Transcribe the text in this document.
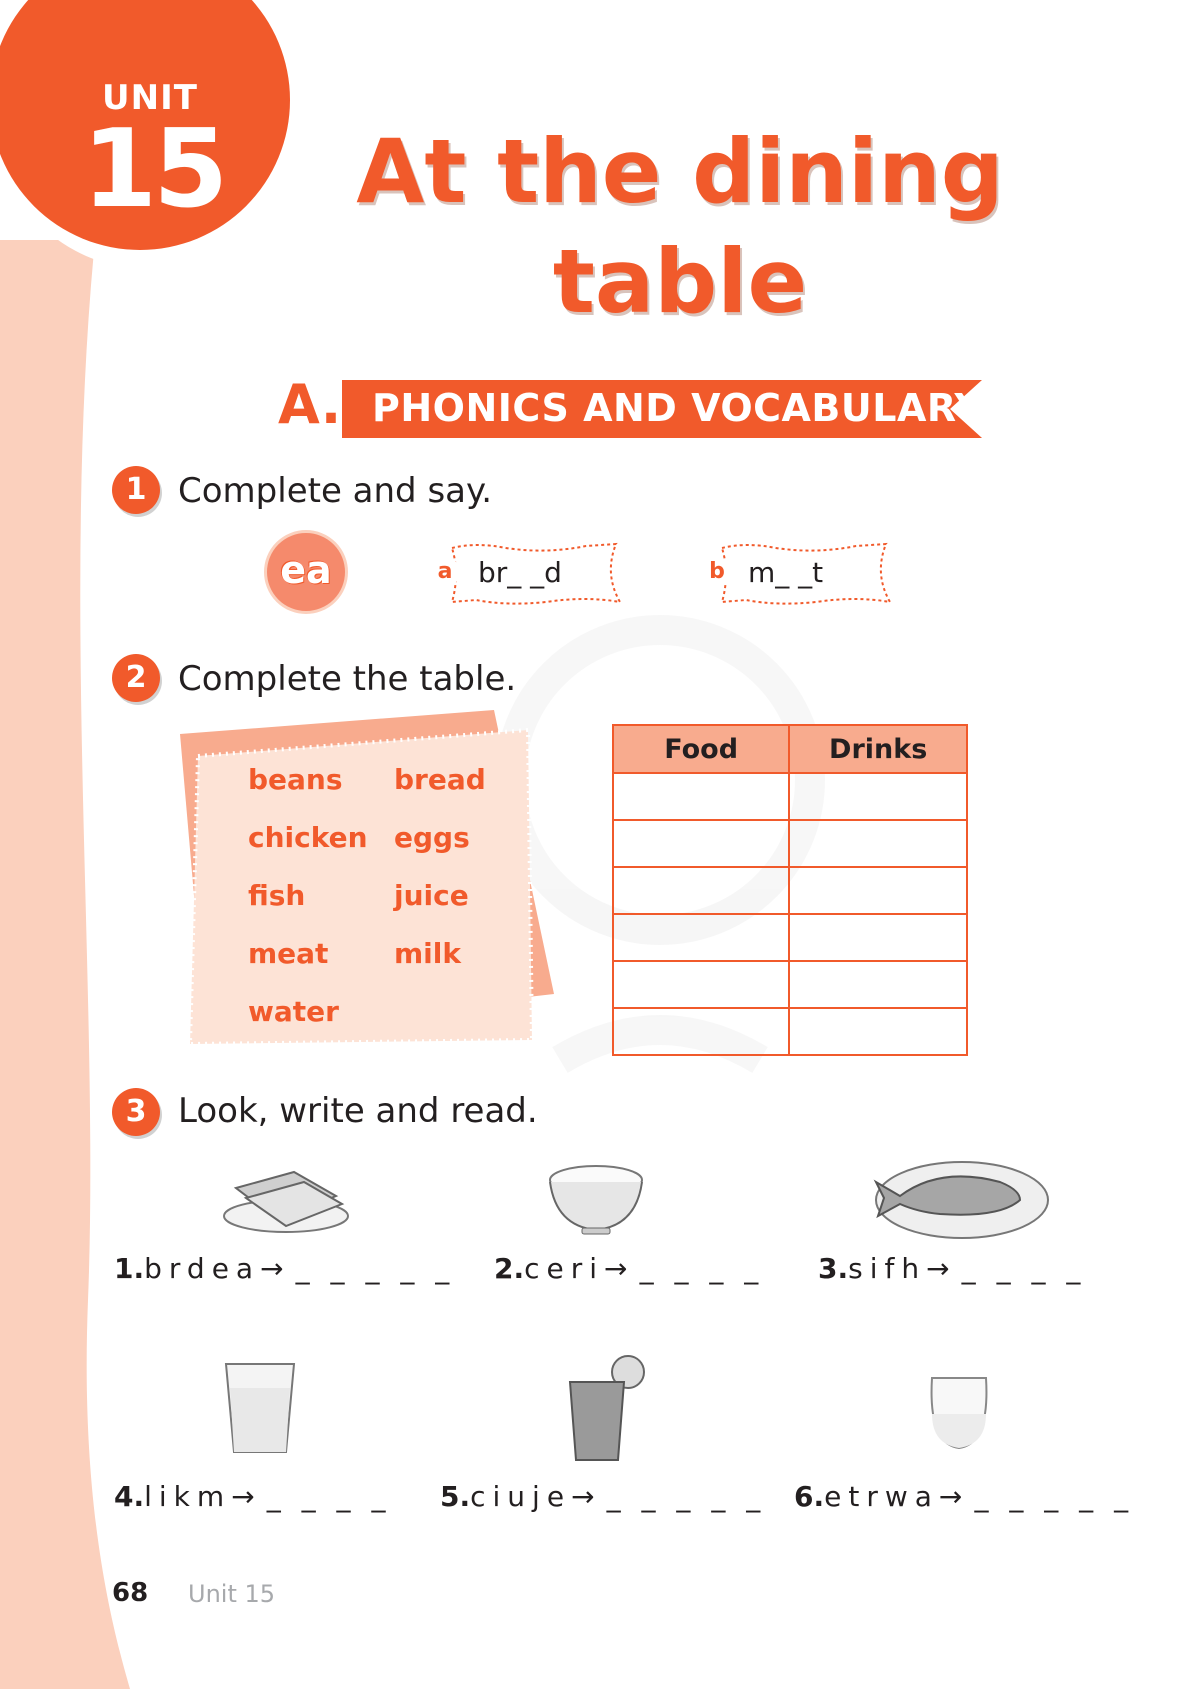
UNIT
15 At the dining
table
A. PHONICS AND VOCABULARY
1 Complete and say.
ea	a br_ _d	b m_ _t
2 Complete the table.
beans bread
chicken eggs
fish	juice
meat milk
water
Food	Drinks

3 Look, write and read.
1.brdea→ _ _ _ _ _ 2.ceri→ _ _ _ _ 3.sifh→ _ _ _ _
4.likm→ _ _ _ _ 5.ciuje→ _ _ _ _ _ 6.etrwa→ _ _ _ _ _
68 Unit 15
